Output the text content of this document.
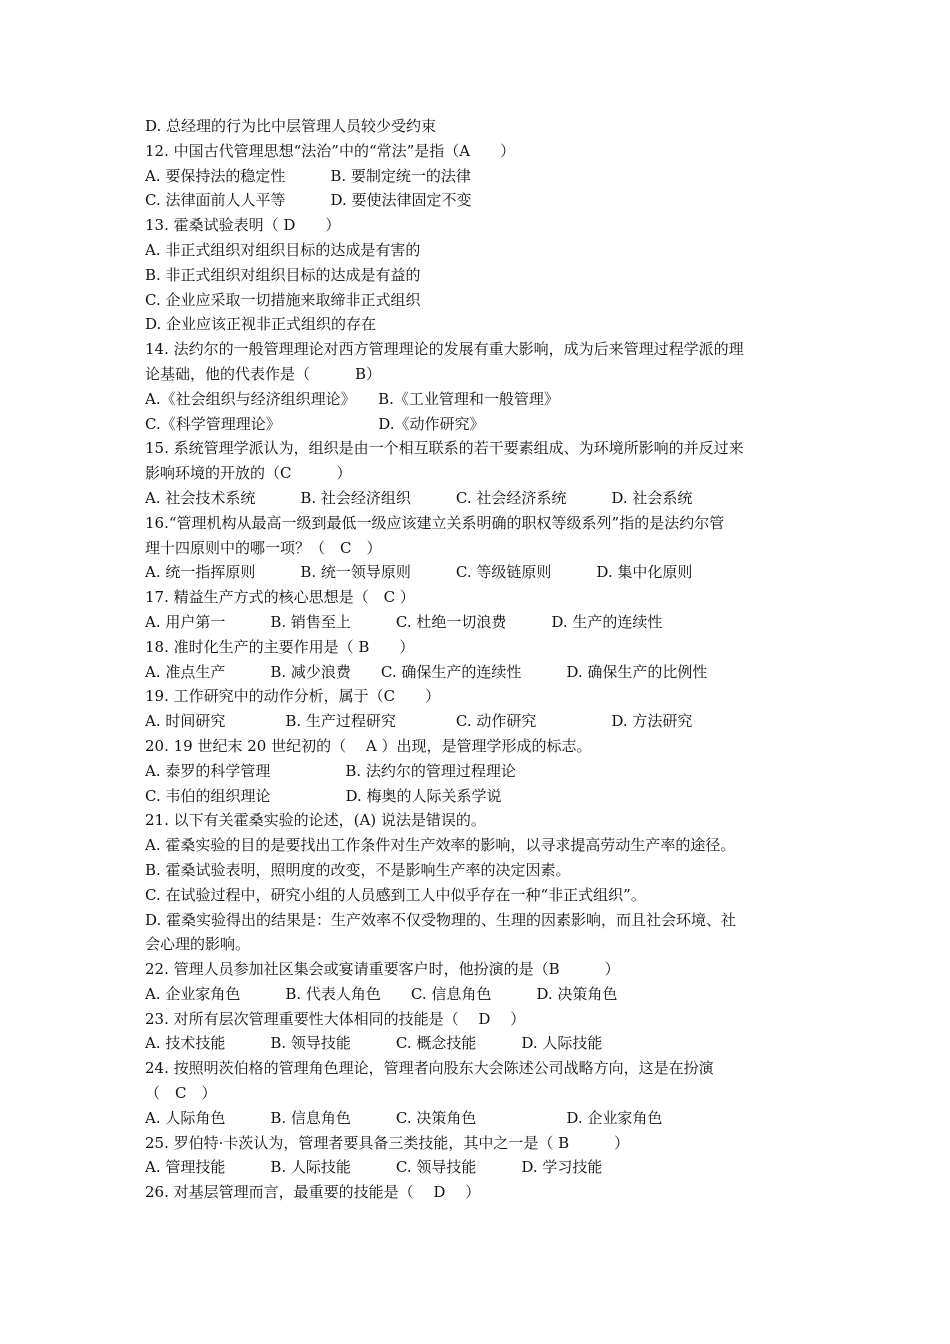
D. 总经理的行为比中层管理人员较少受约束
12. 中国古代管理思想“法治”中的“常法”是指（A　　）
A. 要保持法的稳定性　　　B. 要制定统一的法律
C. 法律面前人人平等　　　D. 要使法律固定不变
13. 霍桑试验表明（ D　　）
A. 非正式组织对组织目标的达成是有害的
B. 非正式组织对组织目标的达成是有益的
C. 企业应采取一切措施来取缔非正式组织
D. 企业应该正视非正式组织的存在
14. 法约尔的一般管理理论对西方管理理论的发展有重大影响，成为后来管理过程学派的理
论基础，他的代表作是（　　　B）
A.《社会组织与经济组织理论》　　B.《工业管理和一般管理》
C.《科学管理理论》　　　　　　　D.《动作研究》
15. 系统管理学派认为，组织是由一个相互联系的若干要素组成、为环境所影响的并反过来
影响环境的开放的（C　　　）
A. 社会技术系统　　　B. 社会经济组织　　　C. 社会经济系统　　　D. 社会系统
16.“管理机构从最高一级到最低一级应该建立关系明确的职权等级系列”指的是法约尔管
理十四原则中的哪一项？（　C　）
A. 统一指挥原则　　　B. 统一领导原则　　　C. 等级链原则　　　D. 集中化原则
17. 精益生产方式的核心思想是（　C ）
A. 用户第一　　　B. 销售至上　　　C. 杜绝一切浪费　　　D. 生产的连续性
18. 准时化生产的主要作用是（ B　　）
A. 准点生产　　　B. 减少浪费　　C. 确保生产的连续性　　　D. 确保生产的比例性
19. 工作研究中的动作分析，属于（C　　）
A. 时间研究　　　　B. 生产过程研究　　　　C. 动作研究　　　　　D. 方法研究
20. 19 世纪末 20 世纪初的（　 A ）出现，是管理学形成的标志。
A. 泰罗的科学管理　　　　　B. 法约尔的管理过程理论
C. 韦伯的组织理论　　　　　D. 梅奥的人际关系学说
21. 以下有关霍桑实验的论述，(A) 说法是错误的。
A. 霍桑实验的目的是要找出工作条件对生产效率的影响，以寻求提高劳动生产率的途径。
B. 霍桑试验表明，照明度的改变，不是影响生产率的决定因素。
C. 在试验过程中，研究小组的人员感到工人中似乎存在一种“非正式组织”。
D. 霍桑实验得出的结果是：生产效率不仅受物理的、生理的因素影响，而且社会环境、社
会心理的影响。
22. 管理人员参加社区集会或宴请重要客户时，他扮演的是（B　　　）
A. 企业家角色　　　B. 代表人角色　　C. 信息角色　　　D. 决策角色
23. 对所有层次管理重要性大体相同的技能是（　 D　 ）
A. 技术技能　　　B. 领导技能　　　C. 概念技能　　　D. 人际技能
24. 按照明茨伯格的管理角色理论，管理者向股东大会陈述公司战略方向，这是在扮演
（　C　）
A. 人际角色　　　B. 信息角色　　　C. 决策角色　　　　　　D. 企业家角色
25. 罗伯特·卡茨认为，管理者要具备三类技能，其中之一是（ B　　　）
A. 管理技能　　　B. 人际技能　　　C. 领导技能　　　D. 学习技能
26. 对基层管理而言，最重要的技能是（　 D　 ）
